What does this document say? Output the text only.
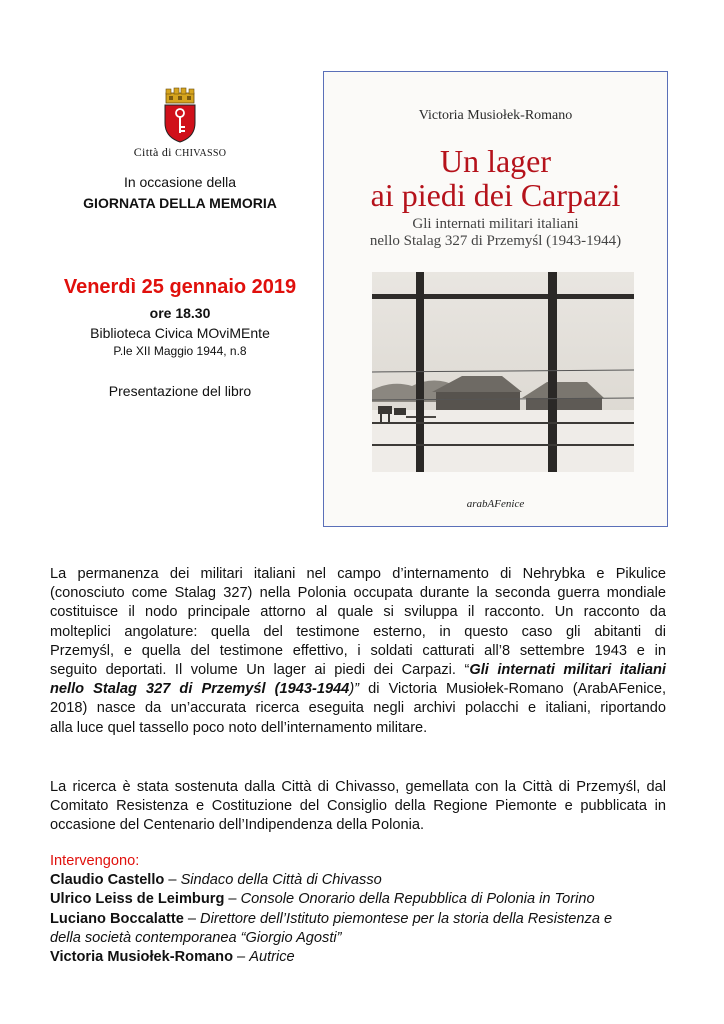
Città di CHIVASSO
In occasione della
GIORNATA DELLA MEMORIA
Venerdì 25 gennaio 2019
ore 18.30
Biblioteca Civica MOviMEnte
P.le XII Maggio 1944, n.8
Presentazione del libro
Victoria Musiołek-Romano
Un lager
ai piedi dei Carpazi
Gli internati militari italiani
nello Stalag 327 di Przemyśl (1943-1944)
arabAFenice
La permanenza dei militari italiani nel campo d’internamento di Nehrybka e Pikulice
(conosciuto come Stalag 327) nella Polonia occupata durante la seconda guerra mondiale
costituisce il nodo principale attorno al quale si sviluppa il racconto. Un racconto da
molteplici angolature: quella del testimone esterno, in questo caso gli abitanti di
Przemyśl, e quella del testimone effettivo, i soldati catturati all’8 settembre 1943 e in
seguito deportati. Il volume Un lager ai piedi dei Carpazi. “Gli internati militari italiani
nello Stalag 327 di Przemyśl (1943-1944)” di Victoria Musiołek-Romano (ArabAFenice,
2018) nasce da un’accurata ricerca eseguita negli archivi polacchi e italiani, riportando
alla luce quel tassello poco noto dell’internamento militare.
La ricerca è stata sostenuta dalla Città di Chivasso, gemellata con la Città di Przemyśl, dal
Comitato Resistenza e Costituzione del Consiglio della Regione Piemonte e pubblicata in
occasione del Centenario dell’Indipendenza della Polonia.
Intervengono:
Claudio Castello – Sindaco della Città di Chivasso
Ulrico Leiss de Leimburg – Console Onorario della Repubblica di Polonia in Torino
Luciano Boccalatte – Direttore dell’Istituto piemontese per la storia della Resistenza e
della società contemporanea “Giorgio Agosti”
Victoria Musiołek-Romano – Autrice
